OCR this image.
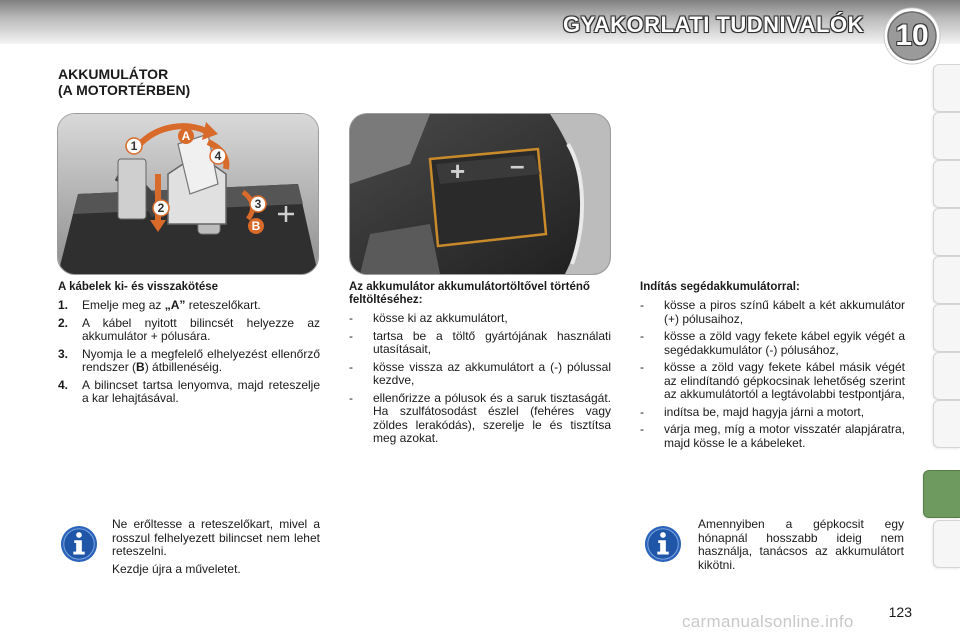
GYAKORLATI TUDNIVALÓK	10
AKKUMULÁTOR
(A MOTORTÉRBEN)
1
2	3
4
A
B
+ –
A kábelek ki- és visszakötése
1.	Emelje meg az „A” reteszelőkart.
2.	A kábel nyitott bilincsét helyezze az akkumulátor + pólusára.
3.	Nyomja le a megfelelő elhelyezést ellenőrző rendszer (B) átbillenéséig.
4.	A bilincset tartsa lenyomva, majd reteszelje a kar lehajtásával.
Az akkumulátor akkumulátortöltővel történő feltöltéséhez:
-	kösse ki az akkumulátort,
-	tartsa be a töltő gyártójának használati utasításait,
-	kösse vissza az akkumulátort a (-) pólussal kezdve,
-	ellenőrizze a pólusok és a saruk tisztaságát. Ha szulfátosodást észlel (fehéres vagy zöldes lerakódás), szerelje le és tisztítsa meg azokat.
Indítás segédakkumulátorral:
-	kösse a piros színű kábelt a két akkumulátor (+) pólusaihoz,
-	kösse a zöld vagy fekete kábel egyik végét a segédakkumulátor (-) pólusához,
-	kösse a zöld vagy fekete kábel másik végét az elindítandó gépkocsinak lehetőség szerint az akkumulátortól a legtávolabbi testpontjára,
-	indítsa be, majd hagyja járni a motort,
-	várja meg, míg a motor visszatér alapjáratra, majd kösse le a kábeleket.

Ne erőltesse a reteszelőkart, mivel a rosszul felhelyezett bilincset nem lehet reteszelni.

Kezdje újra a műveletet.

Amennyiben a gépkocsit egy hónapnál hosszabb ideig nem használja, tanácsos az akkumulátort kikötni.

123
carmanualsonline.info
